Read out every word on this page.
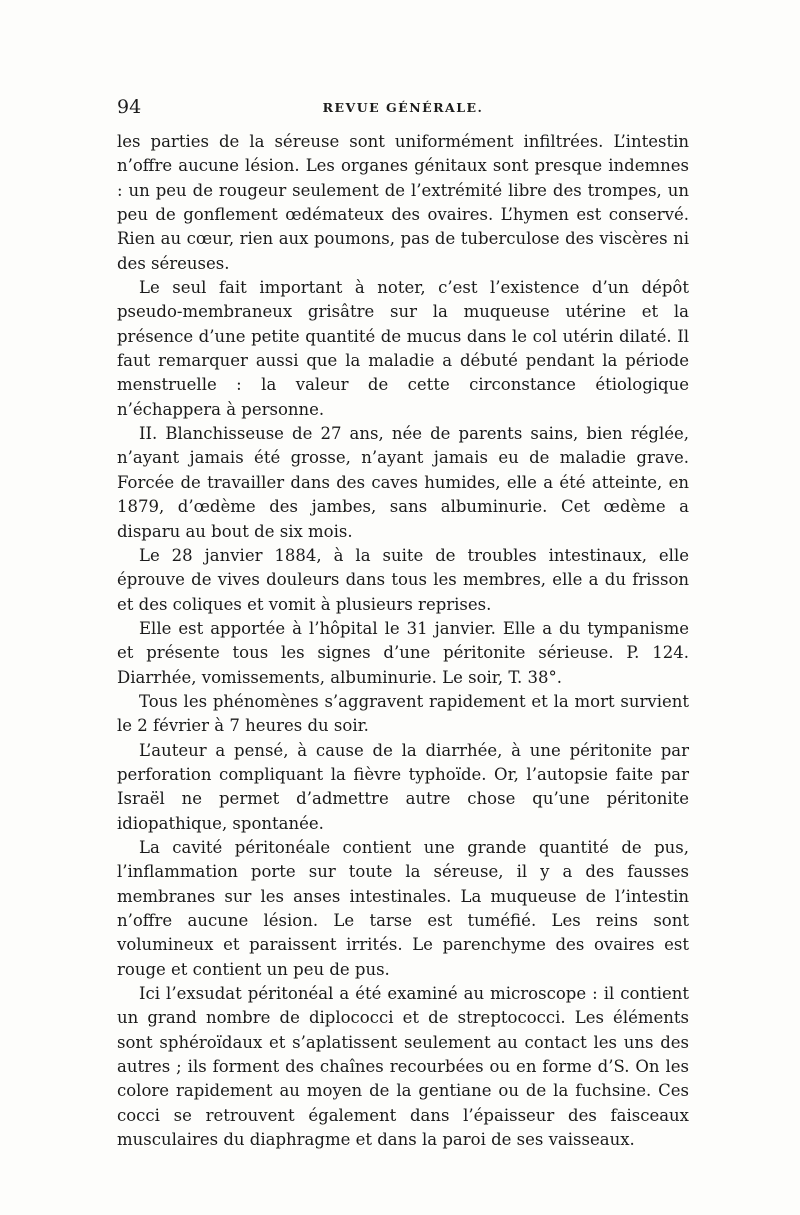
94	REVUE GÉNÉRALE.

les parties de la séreuse sont uniformément infiltrées. L’intestin n’offre aucune lésion. Les organes génitaux sont presque indemnes : un peu de rougeur seulement de l’extrémité libre des trompes, un peu de gonflement œdémateux des ovaires. L’hymen est conservé. Rien au cœur, rien aux poumons, pas de tuberculose des viscères ni des séreuses.

Le seul fait important à noter, c’est l’existence d’un dépôt pseudo-membraneux grisâtre sur la muqueuse utérine et la présence d’une petite quantité de mucus dans le col utérin dilaté. Il faut remarquer aussi que la maladie a débuté pendant la période menstruelle : la valeur de cette circonstance étiologique n’échappera à personne.

II. Blanchisseuse de 27 ans, née de parents sains, bien réglée, n’ayant jamais été grosse, n’ayant jamais eu de maladie grave. Forcée de travailler dans des caves humides, elle a été atteinte, en 1879, d’œdème des jambes, sans albuminurie. Cet œdème a disparu au bout de six mois.

Le 28 janvier 1884, à la suite de troubles intestinaux, elle éprouve de vives douleurs dans tous les membres, elle a du frisson et des coliques et vomit à plusieurs reprises.

Elle est apportée à l’hôpital le 31 janvier. Elle a du tympanisme et présente tous les signes d’une péritonite sérieuse. P. 124. Diarrhée, vomissements, albuminurie. Le soir, T. 38°.

Tous les phénomènes s’aggravent rapidement et la mort survient le 2 février à 7 heures du soir.

L’auteur a pensé, à cause de la diarrhée, à une péritonite par perforation compliquant la fièvre typhoïde. Or, l’autopsie faite par Israël ne permet d’admettre autre chose qu’une péritonite idiopathique, spontanée.

La cavité péritonéale contient une grande quantité de pus, l’inflammation porte sur toute la séreuse, il y a des fausses membranes sur les anses intestinales. La muqueuse de l’intestin n’offre aucune lésion. Le tarse est tuméfié. Les reins sont volumineux et paraissent irrités. Le parenchyme des ovaires est rouge et contient un peu de pus.

Ici l’exsudat péritonéal a été examiné au microscope : il contient un grand nombre de diplococci et de streptococci. Les éléments sont sphéroïdaux et s’aplatissent seulement au contact les uns des autres ; ils forment des chaînes recourbées ou en forme d’S. On les colore rapidement au moyen de la gentiane ou de la fuchsine. Ces cocci se retrouvent également dans l’épaisseur des faisceaux musculaires du diaphragme et dans la paroi de ses vaisseaux.
